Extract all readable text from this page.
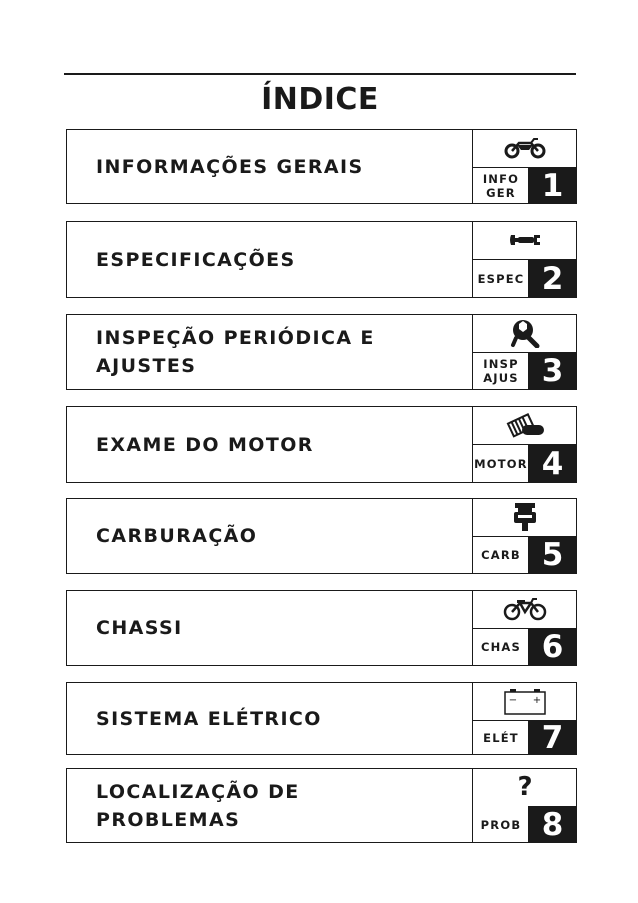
ÍNDICE
INFORMAÇÕES GERAIS
INFO
GER 1
ESPECIFICAÇÕES
ESPEC 2
INSPEÇÃO PERIÓDICA E
AJUSTES	INSP
AJUS 3
EXAME DO MOTOR
MOTOR 4
CARBURAÇÃO
CARB 5
CHASSI
CHAS 6
SISTEMA ELÉTRICO
− +
ELÉT 7
LOCALIZAÇÃO DE
PROBLEMAS
?
PROB 8
